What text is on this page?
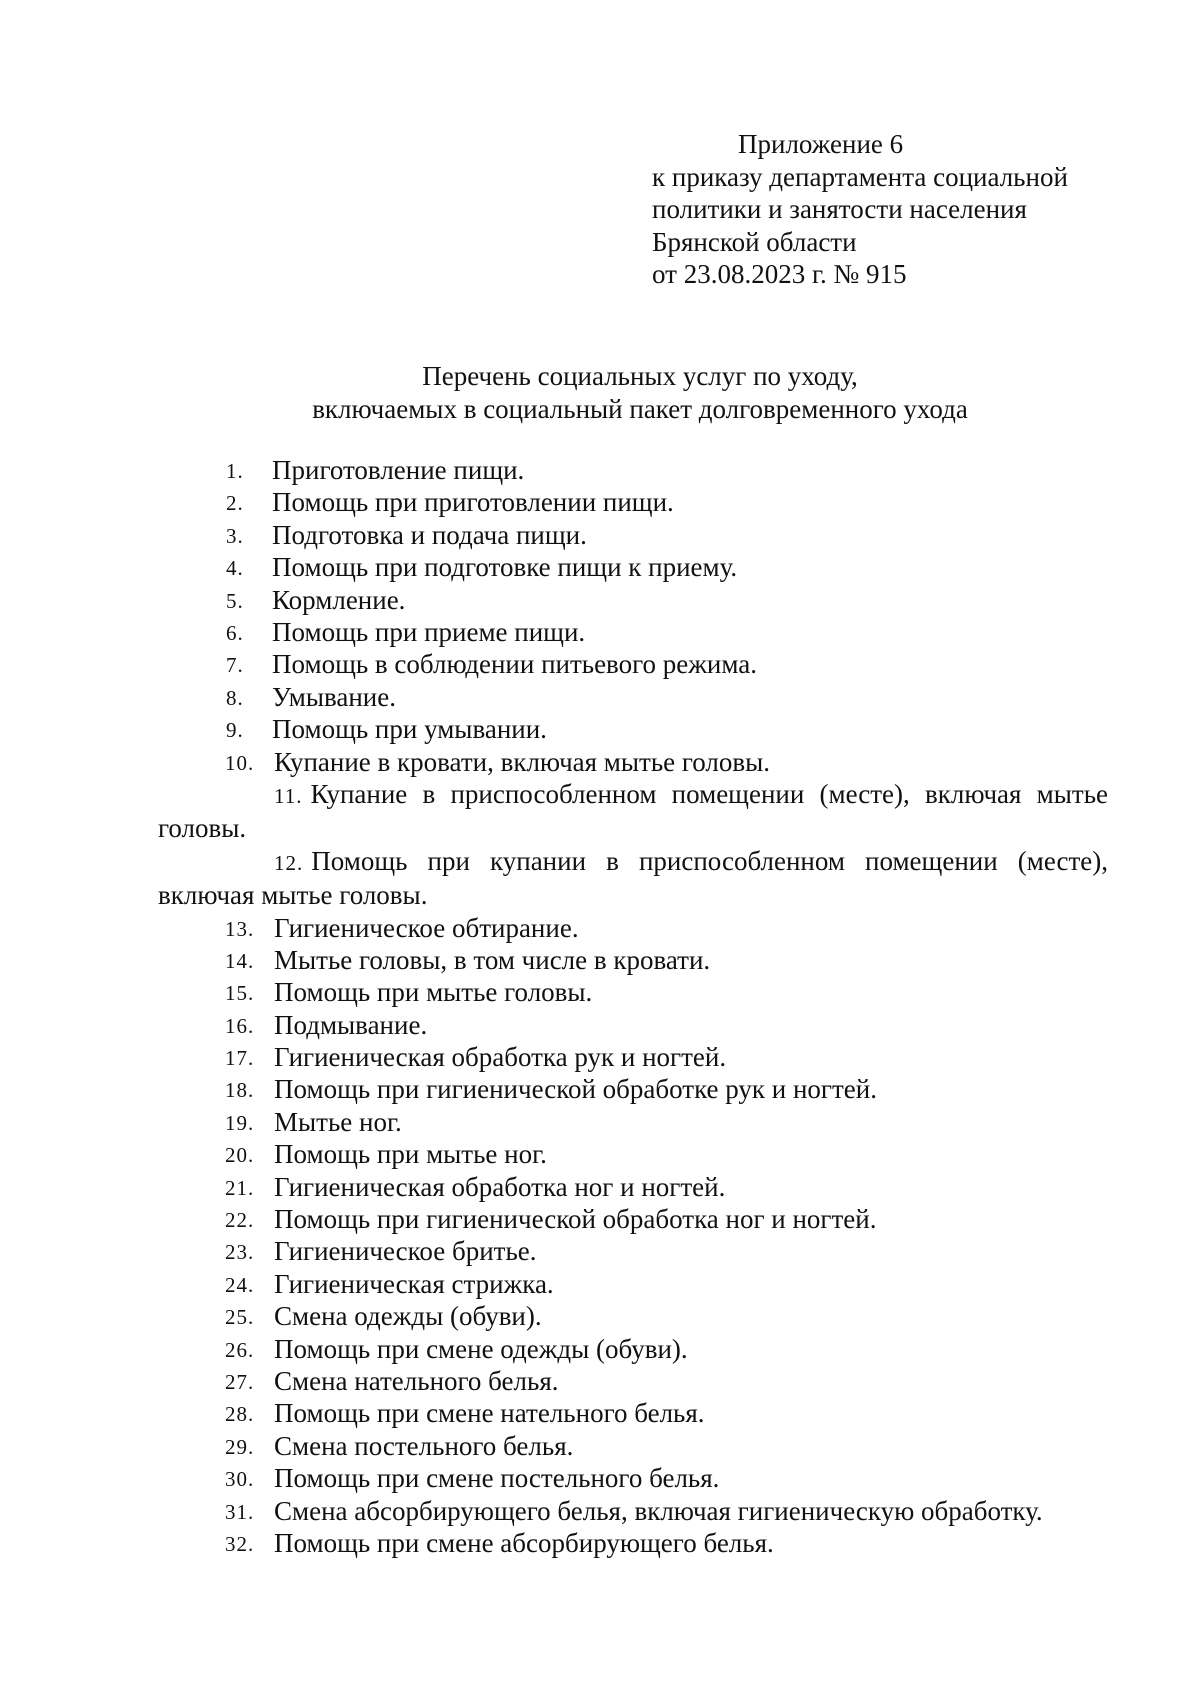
Приложение 6
к приказу департамента социальной
политики и занятости населения
Брянской области
от 23.08.2023 г. № 915
Перечень социальных услуг по уходу,
включаемых в социальный пакет долговременного ухода
1. Приготовление пищи.
2. Помощь при приготовлении пищи.
3. Подготовка и подача пищи.
4. Помощь при подготовке пищи к приему.
5. Кормление.
6. Помощь при приеме пищи.
7. Помощь в соблюдении питьевого режима.
8. Умывание.
9. Помощь при умывании.
10. Купание в кровати, включая мытье головы.
11. Купание в приспособленном помещении (месте), включая мытье головы.
12. Помощь при купании в приспособленном помещении (месте), включая мытье головы.
13. Гигиеническое обтирание.
14. Мытье головы, в том числе в кровати.
15. Помощь при мытье головы.
16. Подмывание.
17. Гигиеническая обработка рук и ногтей.
18. Помощь при гигиенической обработке рук и ногтей.
19. Мытье ног.
20. Помощь при мытье ног.
21. Гигиеническая обработка ног и ногтей.
22. Помощь при гигиенической обработка ног и ногтей.
23. Гигиеническое бритье.
24. Гигиеническая стрижка.
25. Смена одежды (обуви).
26. Помощь при смене одежды (обуви).
27. Смена нательного белья.
28. Помощь при смене нательного белья.
29. Смена постельного белья.
30. Помощь при смене постельного белья.
31. Смена абсорбирующего белья, включая гигиеническую обработку.
32. Помощь при смене абсорбирующего белья.
